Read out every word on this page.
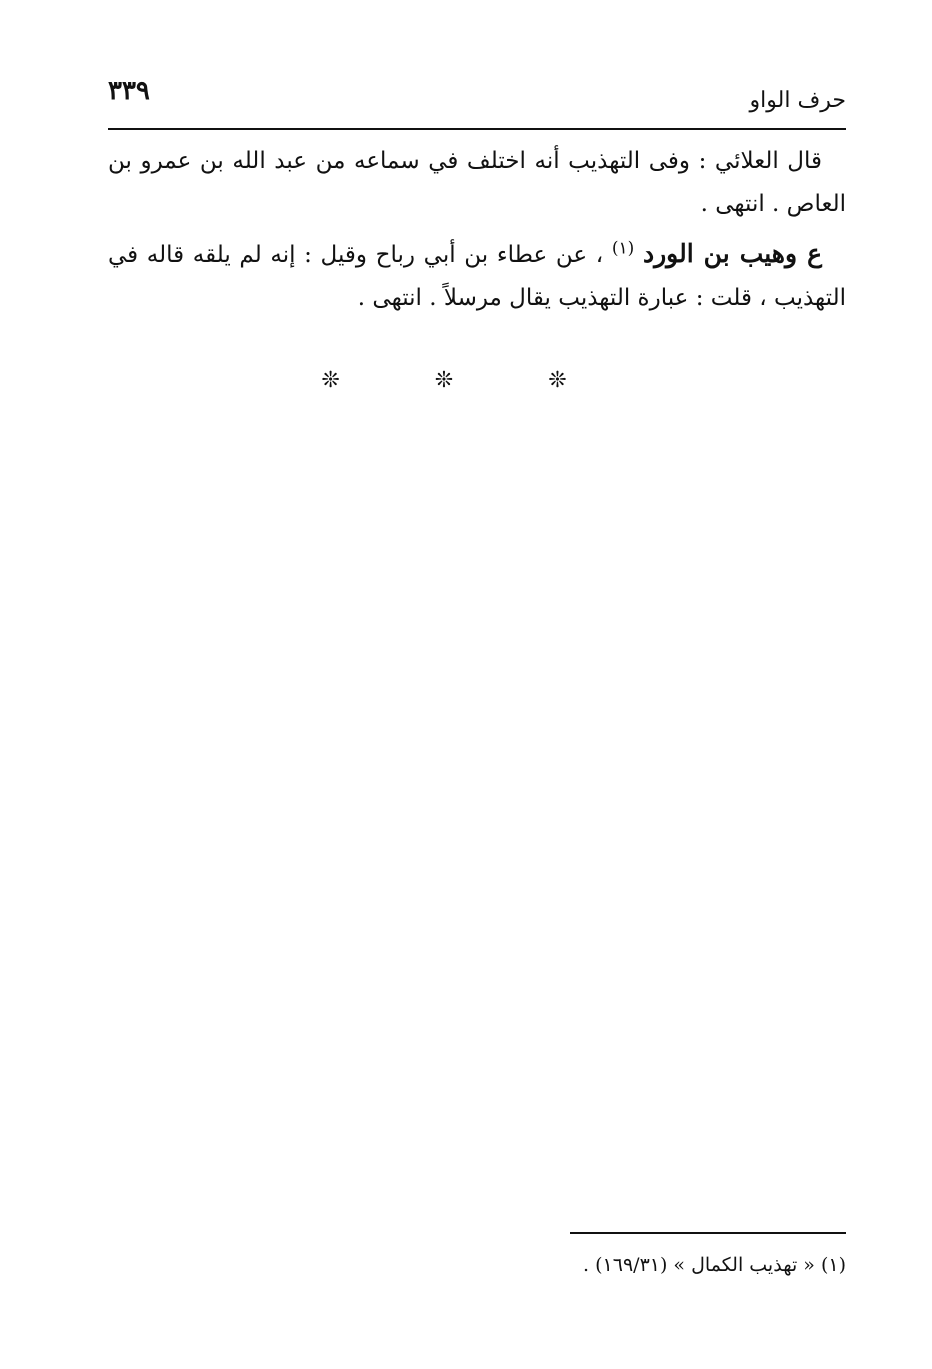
٣٣٩	حرف الواو

قال العلائي : وفى التهذيب أنه اختلف في سماعه من عبد الله بن عمرو بن العاص . انتهى .

ع وهيب بن الورد $^{(١)}$ ، عن عطاء بن أبي رباح وقيل : إنه لم يلقه قاله في التهذيب ، قلت : عبارة التهذيب يقال مرسلاً . انتهى .

❊ ❊ ❊
(١) « تهذيب الكمال » (١٦٩/٣١) .
